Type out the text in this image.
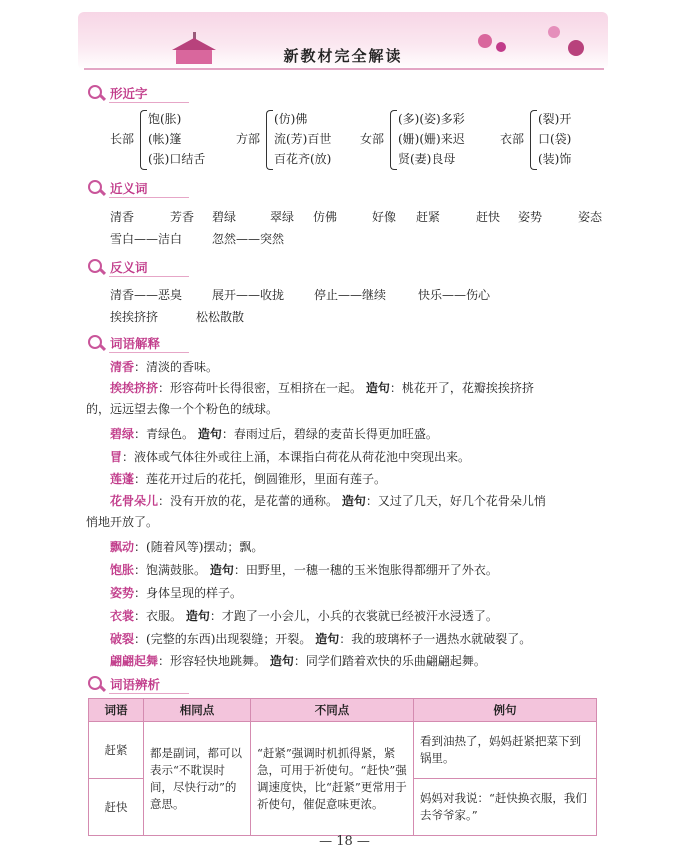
新教材完全解读
形近字
长部
饱(胀)
(帐)篷
(张)口结舌
方部
(仿)佛
流(芳)百世
百花齐(放)
女部
(多)(姿)多彩
(姗)(姗)来迟
贤(妻)良母
衣部
(裂)开
口(袋)
(装)饰
近义词
清香	芳香 碧绿	翠绿 仿佛	好像 赶紧	赶快 姿势	姿态
雪白——洁白 忽然——突然
反义词
清香——恶臭 展开——收拢 停止——继续	快乐——伤心
挨挨挤挤	松松散散
词语解释
清香：清淡的香味。
挨挨挤挤：形容荷叶长得很密，互相挤在一起。 造句：桃花开了，花瓣挨挨挤挤
的，远远望去像一个个粉色的绒球。
碧绿：青绿色。 造句：春雨过后，碧绿的麦苗长得更加旺盛。
冒：液体或气体往外或往上涌，本课指白荷花从荷花池中突现出来。
莲蓬：莲花开过后的花托，倒圆锥形，里面有莲子。
花骨朵儿：没有开放的花，是花蕾的通称。 造句：又过了几天，好几个花骨朵儿悄
悄地开放了。
飘动：(随着风等)摆动；飘。
饱胀：饱满鼓胀。 造句：田野里，一穗一穗的玉米饱胀得都绷开了外衣。
姿势：身体呈现的样子。
衣裳：衣服。 造句：才跑了一小会儿，小兵的衣裳就已经被汗水浸透了。
破裂：(完整的东西)出现裂缝；开裂。 造句：我的玻璃杯子一遇热水就破裂了。
翩翩起舞：形容轻快地跳舞。 造句：同学们踏着欢快的乐曲翩翩起舞。
词语辨析
词语	相同点	不同点	例句
赶紧	都是副词，都可以表示“不耽误时间，尽快行动”的意思。	“赶紧”强调时机抓得紧，紧急，可用于祈使句。“赶快”强调速度快，比“赶紧”更常用于祈使句，催促意味更浓。	看到油热了，妈妈赶紧把菜下到锅里。
赶快			妈妈对我说：“赶快换衣服，我们去爷爷家。”
— 18 —
